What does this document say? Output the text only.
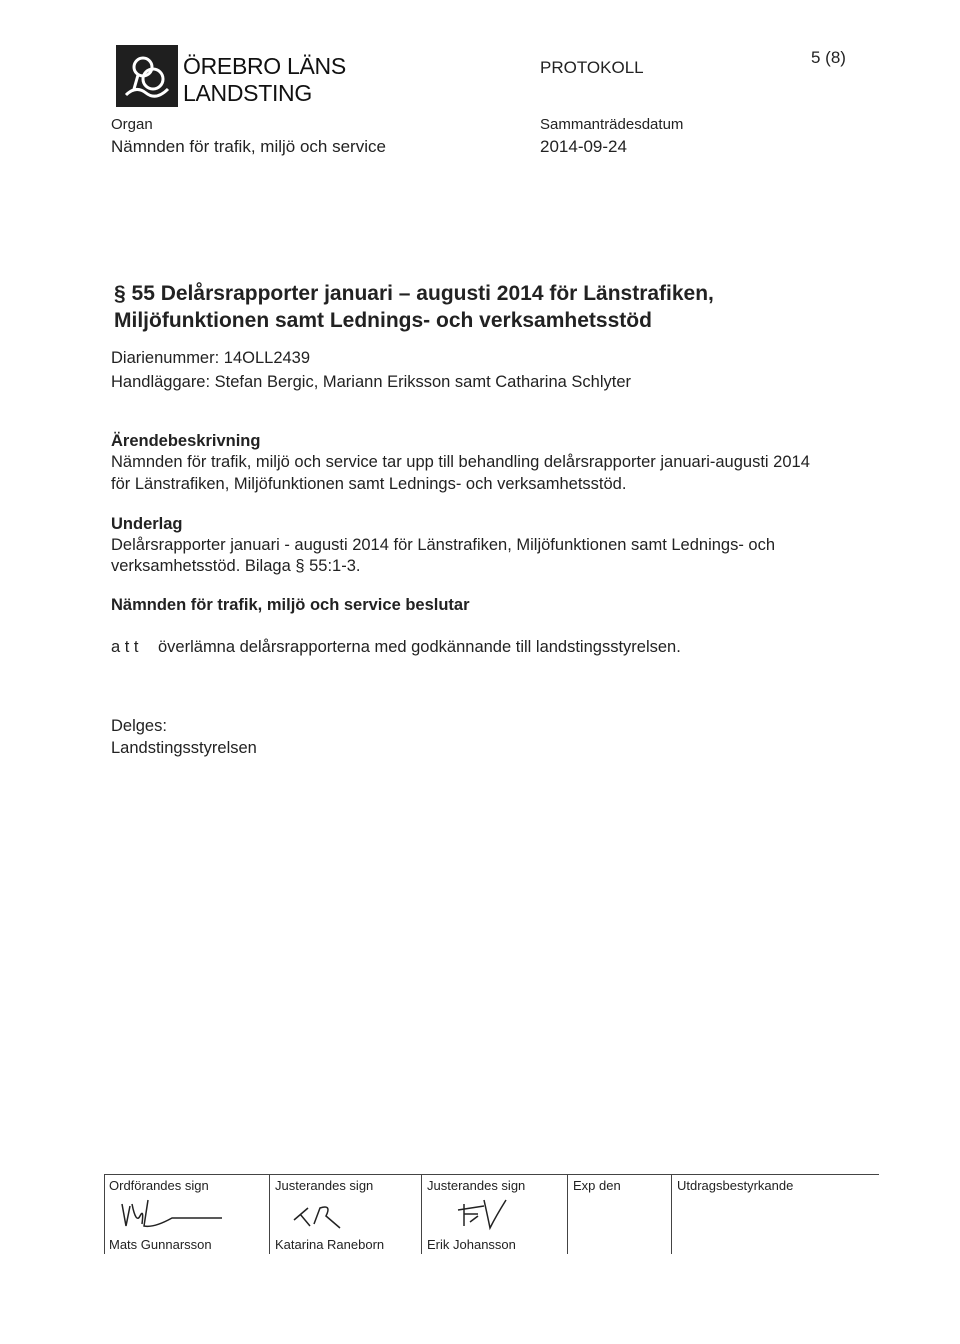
ÖREBRO LÄNS
LANDSTING
PROTOKOLL
5 (8)
Organ
Nämnden för trafik, miljö och service
Sammanträdesdatum
2014-09-24
§ 55 Delårsrapporter januari – augusti 2014 för Länstrafiken,
Miljöfunktionen samt Lednings- och verksamhetsstöd
Diarienummer: 14OLL2439
Handläggare: Stefan Bergic, Mariann Eriksson samt Catharina Schlyter
Ärendebeskrivning
Nämnden för trafik, miljö och service tar upp till behandling delårsrapporter januari-augusti 2014
för Länstrafiken, Miljöfunktionen samt Lednings- och verksamhetsstöd.
Underlag
Delårsrapporter januari - augusti 2014 för Länstrafiken, Miljöfunktionen samt Lednings- och
verksamhetsstöd. Bilaga § 55:1-3.
Nämnden för trafik, miljö och service beslutar
a t t överlämna delårsrapporterna med godkännande till landstingsstyrelsen.
Delges:
Landstingsstyrelsen
Ordförandes sign	Justerandes sign	Justerandes sign	Exp den	Utdragsbestyrkande
Mats Gunnarsson	Katarina Raneborn	Erik Johansson
